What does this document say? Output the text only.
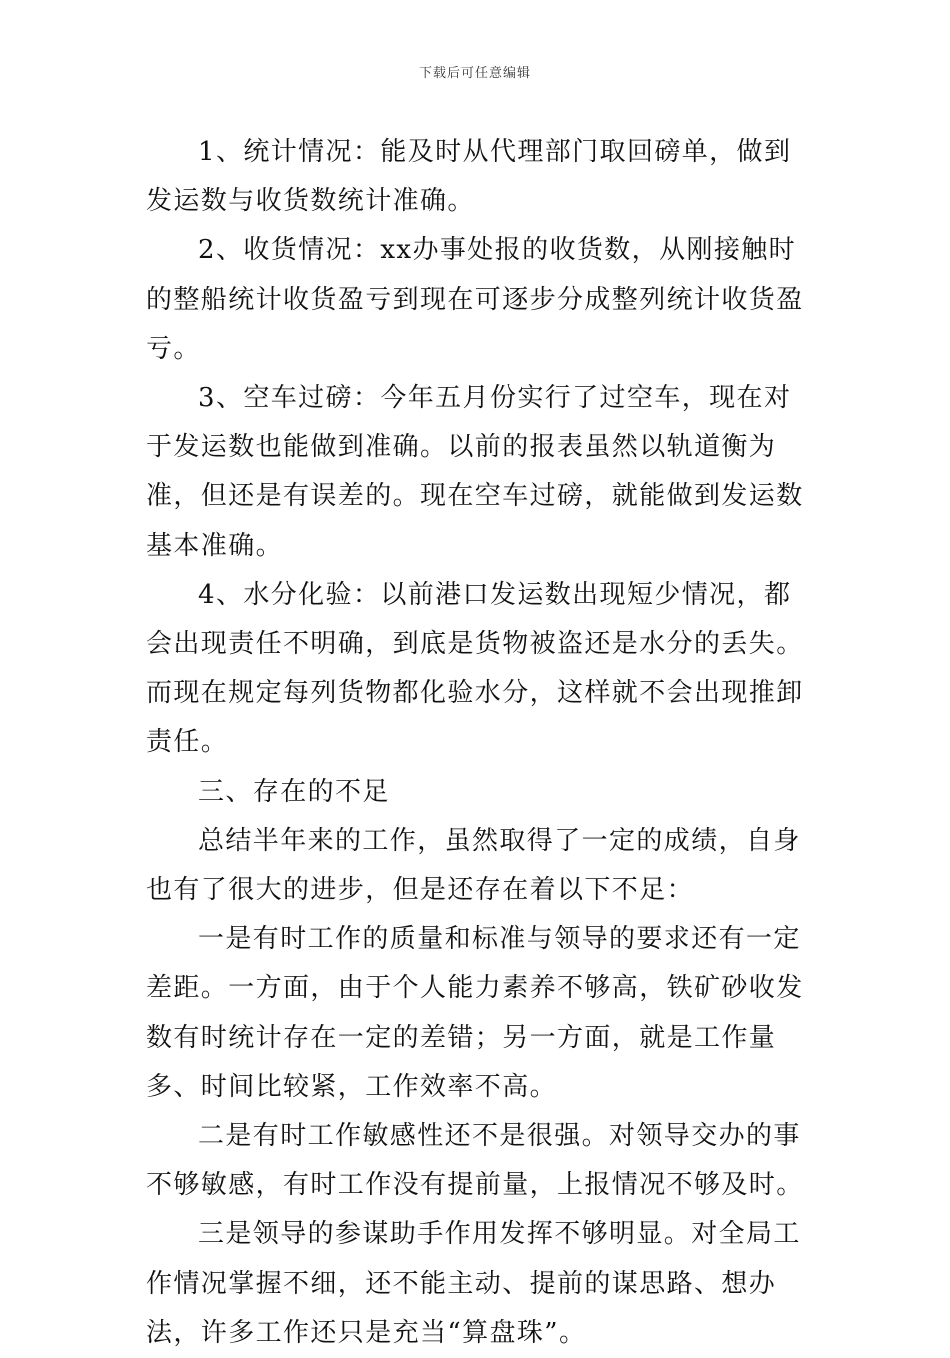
下载后可任意编辑

1、统计情况：能及时从代理部门取回磅单，做到发运数与收货数统计准确。

2、收货情况：xx办事处报的收货数，从刚接触时的整船统计收货盈亏到现在可逐步分成整列统计收货盈亏。

3、空车过磅：今年五月份实行了过空车，现在对于发运数也能做到准确。以前的报表虽然以轨道衡为准，但还是有误差的。现在空车过磅，就能做到发运数基本准确。

4、水分化验：以前港口发运数出现短少情况，都会出现责任不明确，到底是货物被盗还是水分的丢失。而现在规定每列货物都化验水分，这样就不会出现推卸责任。

三、存在的不足

总结半年来的工作，虽然取得了一定的成绩，自身也有了很大的进步，但是还存在着以下不足：

一是有时工作的质量和标准与领导的要求还有一定差距。一方面，由于个人能力素养不够高，铁矿砂收发数有时统计存在一定的差错；另一方面，就是工作量多、时间比较紧，工作效率不高。

二是有时工作敏感性还不是很强。对领导交办的事不够敏感，有时工作没有提前量，上报情况不够及时。

三是领导的参谋助手作用发挥不够明显。对全局工作情况掌握不细，还不能主动、提前的谋思路、想办法，许多工作还只是充当“算盘珠”。
